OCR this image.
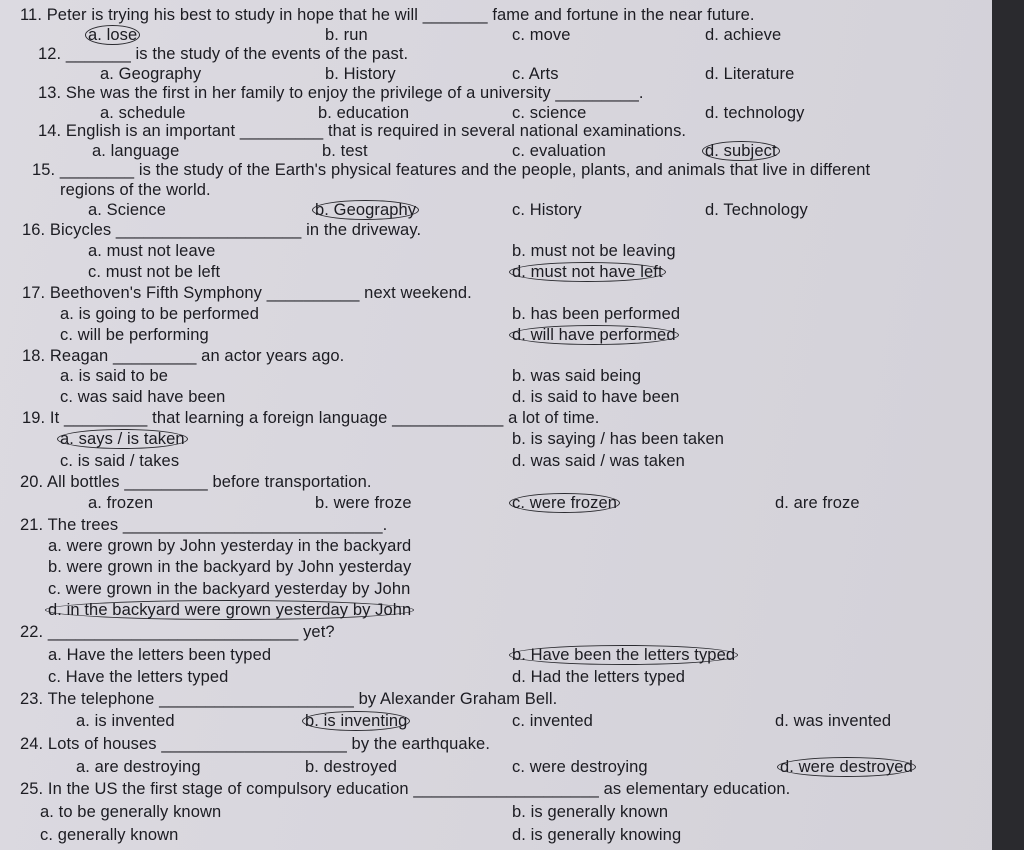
11. Peter is trying his best to study in hope that he will _______ fame and fortune in the near future.
a. lose	b. run	c. move	d. achieve
12. _______ is the study of the events of the past.
a. Geography	b. History	c. Arts	d. Literature
13. She was the first in her family to enjoy the privilege of a university _________.
a. schedule	b. education	c. science	d. technology
14. English is an important _________ that is required in several national examinations.
a. language	b. test	c. evaluation	d. subject
15. ________ is the study of the Earth's physical features and the people, plants, and animals that live in different
regions of the world.
a. Science	b. Geography	c. History	d. Technology
16. Bicycles ____________________ in the driveway.
a. must not leave	b. must not be leaving
c. must not be left	d. must not have left
17. Beethoven's Fifth Symphony __________ next weekend.
a. is going to be performed	b. has been performed
c. will be performing	d. will have performed
18. Reagan _________ an actor years ago.
a. is said to be	b. was said being
c. was said have been	d. is said to have been
19. It _________ that learning a foreign language ____________ a lot of time.
a. says / is taken	b. is saying / has been taken
c. is said / takes	d. was said / was taken
20. All bottles _________ before transportation.
a. frozen	b. were froze	c. were frozen	d. are froze
21. The trees ____________________________.
a. were grown by John yesterday in the backyard
b. were grown in the backyard by John yesterday
c. were grown in the backyard yesterday by John
d. in the backyard were grown yesterday by John
22. ___________________________ yet?
a. Have the letters been typed	b. Have been the letters typed
c. Have the letters typed	d. Had the letters typed
23. The telephone _____________________ by Alexander Graham Bell.
a. is invented	b. is inventing	c. invented	d. was invented
24. Lots of houses ____________________ by the earthquake.
a. are destroying	b. destroyed	c. were destroying	d. were destroyed
25. In the US the first stage of compulsory education ____________________ as elementary education.
a. to be generally known	b. is generally known
c. generally known	d. is generally knowing
